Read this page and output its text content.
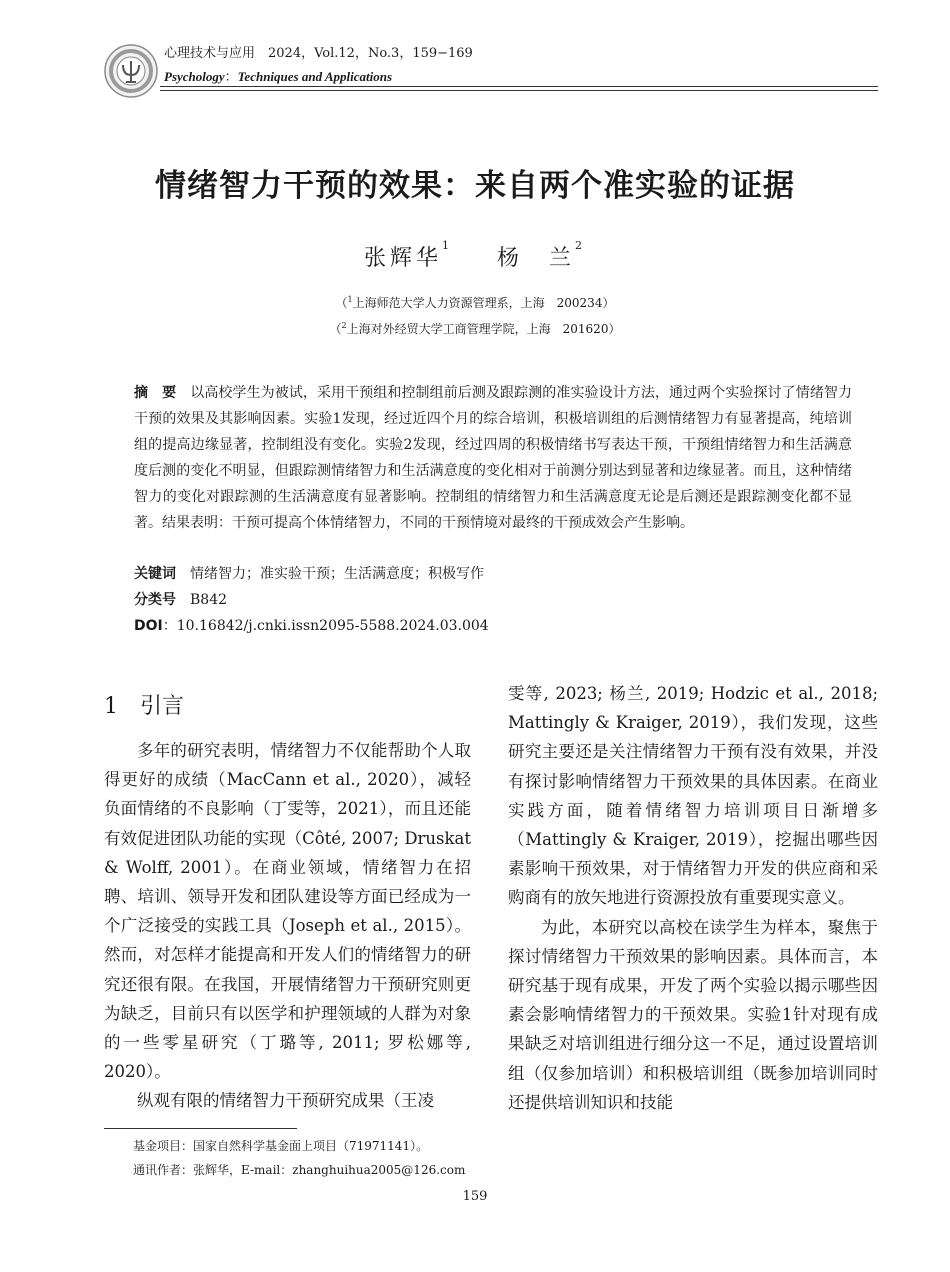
心理技术与应用　2024，Vol.12，No.3，159−169
Psychology：Techniques and Applications
情绪智力干预的效果：来自两个准实验的证据
张辉华$^1$  杨　兰$^2$
（$^1$上海师范大学人力资源管理系，上海　200234）
（$^2$上海对外经贸大学工商管理学院，上海　201620）
摘　要 以高校学生为被试，采用干预组和控制组前后测及跟踪测的准实验设计方法，通过两个实验探讨了情绪智力干预的效果及其影响因素。实验1发现，经过近四个月的综合培训，积极培训组的后测情绪智力有显著提高，纯培训组的提高边缘显著，控制组没有变化。实验2发现，经过四周的积极情绪书写表达干预，干预组情绪智力和生活满意度后测的变化不明显，但跟踪测情绪智力和生活满意度的变化相对于前测分别达到显著和边缘显著。而且，这种情绪智力的变化对跟踪测的生活满意度有显著影响。控制组的情绪智力和生活满意度无论是后测还是跟踪测变化都不显著。结果表明：干预可提高个体情绪智力，不同的干预情境对最终的干预成效会产生影响。
关键词 情绪智力；准实验干预；生活满意度；积极写作
分类号 B842
DOI：10.16842/j.cnki.issn2095-5588.2024.03.004
1　引言

多年的研究表明，情绪智力不仅能帮助个人取得更好的成绩（MacCann et al., 2020），减轻负面情绪的不良影响（丁雯等，2021），而且还能有效促进团队功能的实现（Côté, 2007; Druskat & Wolff, 2001）。在商业领域，情绪智力在招聘、培训、领导开发和团队建设等方面已经成为一个广泛接受的实践工具（Joseph et al., 2015）。然而，对怎样才能提高和开发人们的情绪智力的研究还很有限。在我国，开展情绪智力干预研究则更为缺乏，目前只有以医学和护理领域的人群为对象的一些零星研究（丁璐等, 2011; 罗松娜等, 2020）。

纵观有限的情绪智力干预研究成果（王凌

雯等, 2023; 杨兰, 2019; Hodzic et al., 2018; Mattingly & Kraiger, 2019），我们发现，这些研究主要还是关注情绪智力干预有没有效果，并没有探讨影响情绪智力干预效果的具体因素。在商业实践方面，随着情绪智力培训项目日渐增多（Mattingly & Kraiger, 2019），挖掘出哪些因素影响干预效果，对于情绪智力开发的供应商和采购商有的放矢地进行资源投放有重要现实意义。

为此，本研究以高校在读学生为样本，聚焦于探讨情绪智力干预效果的影响因素。具体而言，本研究基于现有成果，开发了两个实验以揭示哪些因素会影响情绪智力的干预效果。实验1针对现有成果缺乏对培训组进行细分这一不足，通过设置培训组（仅参加培训）和积极培训组（既参加培训同时还提供培训知识和技能

基金项目：国家自然科学基金面上项目（71971141）。
通讯作者：张辉华，E-mail：zhanghuihua2005@126.com
159
